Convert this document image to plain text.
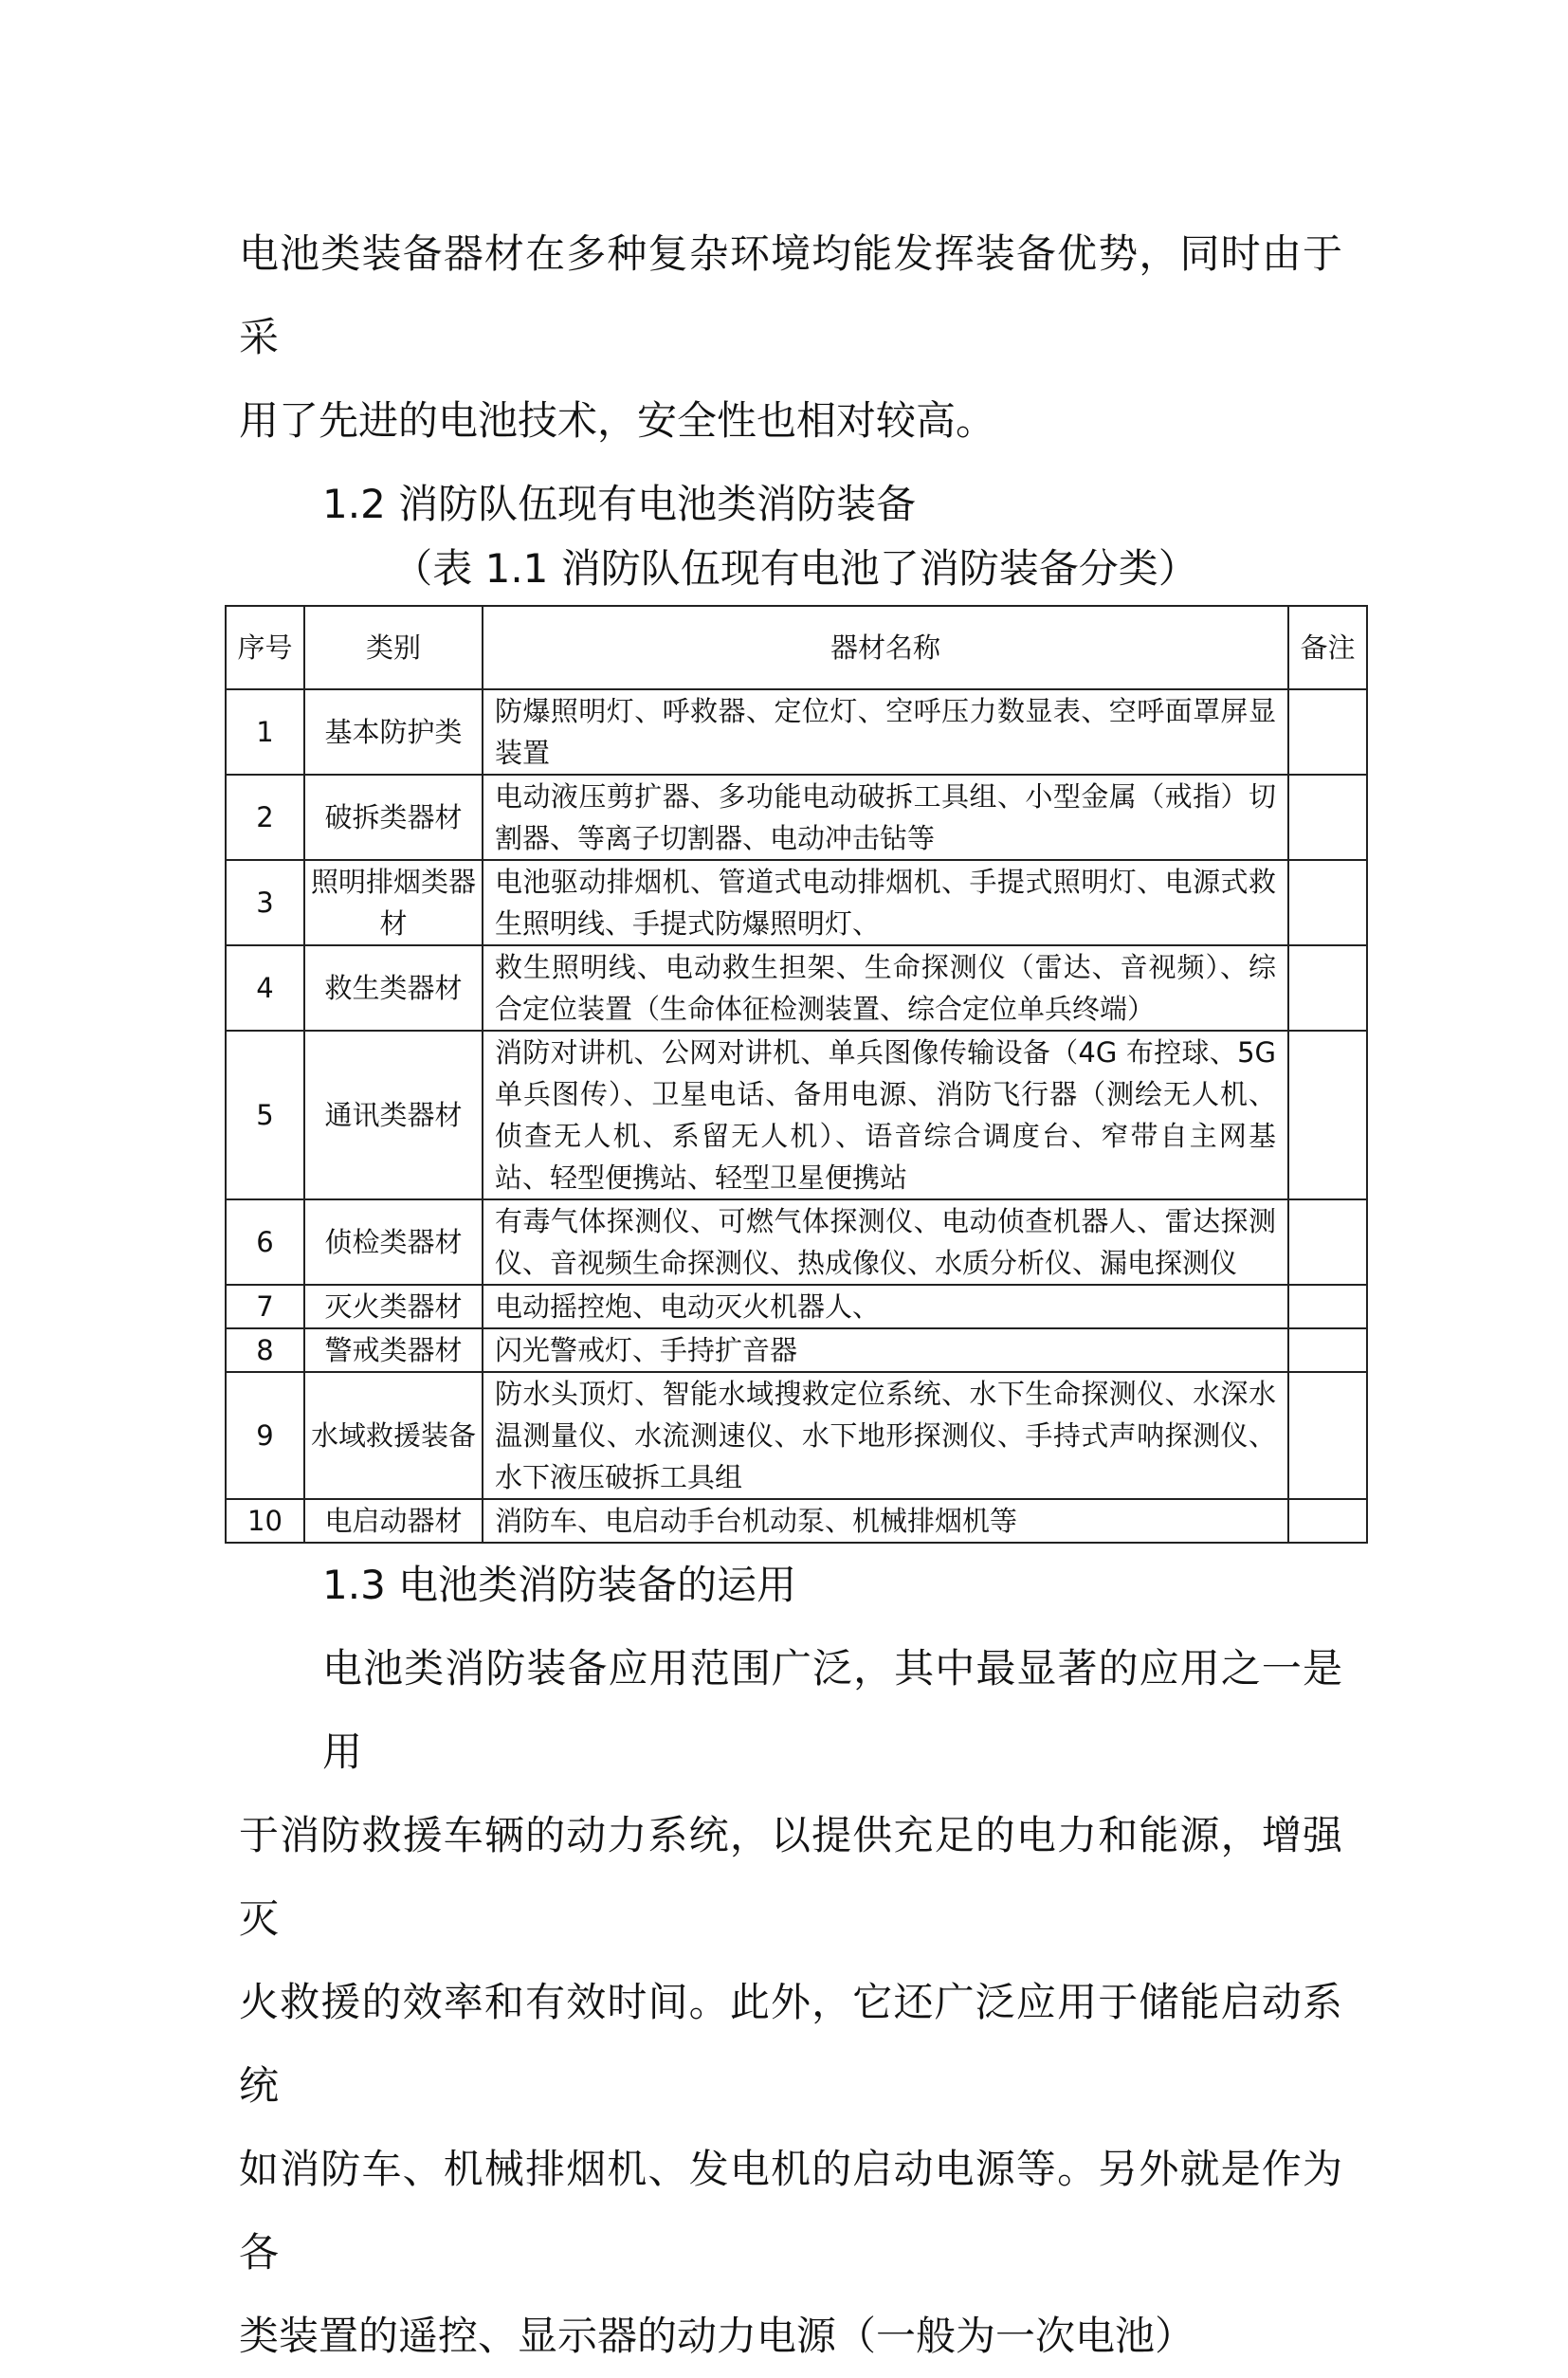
电池类装备器材在多种复杂环境均能发挥装备优势，同时由于采

用了先进的电池技术，安全性也相对较高。

1.2 消防队伍现有电池类消防装备
（表 1.1 消防队伍现有电池了消防装备分类）
序号	类别	器材名称	备注
1	基本防护类	防爆照明灯、呼救器、定位灯、空呼压力数显表、空呼面罩屏显装置	
2	破拆类器材	电动液压剪扩器、多功能电动破拆工具组、小型金属（戒指）切割器、等离子切割器、电动冲击钻等	
3	照明排烟类器材	电池驱动排烟机、管道式电动排烟机、手提式照明灯、电源式救生照明线、手提式防爆照明灯、	
4	救生类器材	救生照明线、电动救生担架、生命探测仪（雷达、音视频）、综合定位装置（生命体征检测装置、综合定位单兵终端）	
5	通讯类器材	消防对讲机、公网对讲机、单兵图像传输设备（4G 布控球、5G 单兵图传）、卫星电话、备用电源、消防飞行器（测绘无人机、侦查无人机、系留无人机）、语音综合调度台、窄带自主网基站、轻型便携站、轻型卫星便携站	
6	侦检类器材	有毒气体探测仪、可燃气体探测仪、电动侦查机器人、雷达探测仪、音视频生命探测仪、热成像仪、水质分析仪、漏电探测仪	
7	灭火类器材	电动摇控炮、电动灭火机器人、	
8	警戒类器材	闪光警戒灯、手持扩音器	
9	水域救援装备	防水头顶灯、智能水域搜救定位系统、水下生命探测仪、水深水温测量仪、水流测速仪、水下地形探测仪、手持式声呐探测仪、水下液压破拆工具组	
10	电启动器材	消防车、电启动手台机动泵、机械排烟机等	
1.3 电池类消防装备的运用

电池类消防装备应用范围广泛，其中最显著的应用之一是用

于消防救援车辆的动力系统，以提供充足的电力和能源，增强灭

火救援的效率和有效时间。此外，它还广泛应用于储能启动系统

如消防车、机械排烟机、发电机的启动电源等。另外就是作为各

类装置的遥控、显示器的动力电源（一般为一次电池）
